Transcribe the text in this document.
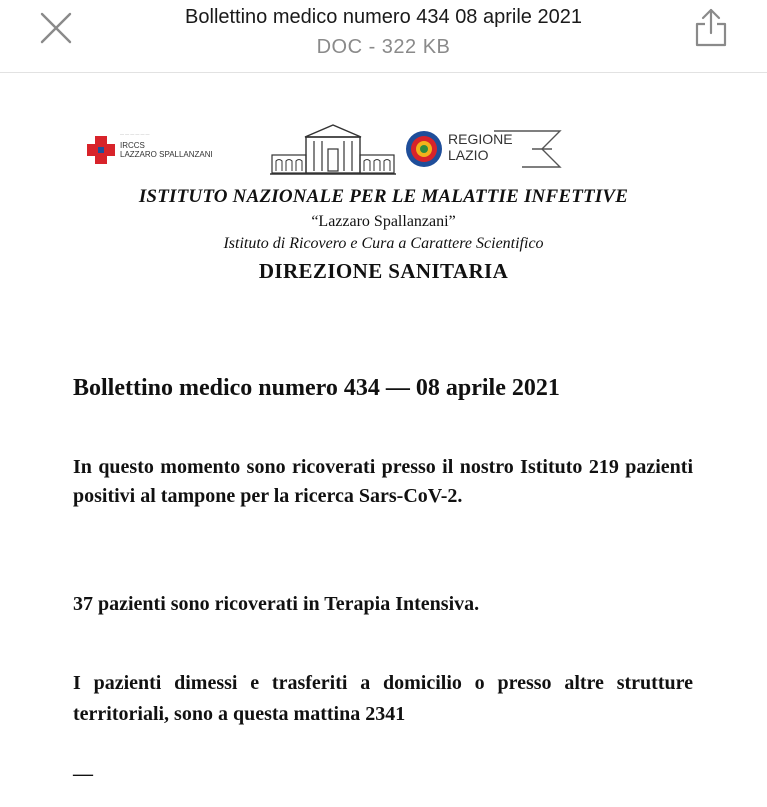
Bollettino medico numero 434 08 aprile 2021
DOC - 322 KB
— — — — — —
IRCCS
LAZZARO SPALLANZANI
REGIONE
LAZIO
ISTITUTO NAZIONALE PER LE MALATTIE INFETTIVE
“Lazzaro Spallanzani”
Istituto di Ricovero e Cura a Carattere Scientifico
DIREZIONE SANITARIA
Bollettino medico numero 434 — 08 aprile 2021
In questo momento sono ricoverati presso il nostro Istituto 219 pazienti positivi al tampone per la ricerca Sars-CoV-2.
37 pazienti sono ricoverati in Terapia Intensiva.
I pazienti dimessi e trasferiti a domicilio o presso altre strutture territoriali, sono a questa mattina 2341
—
